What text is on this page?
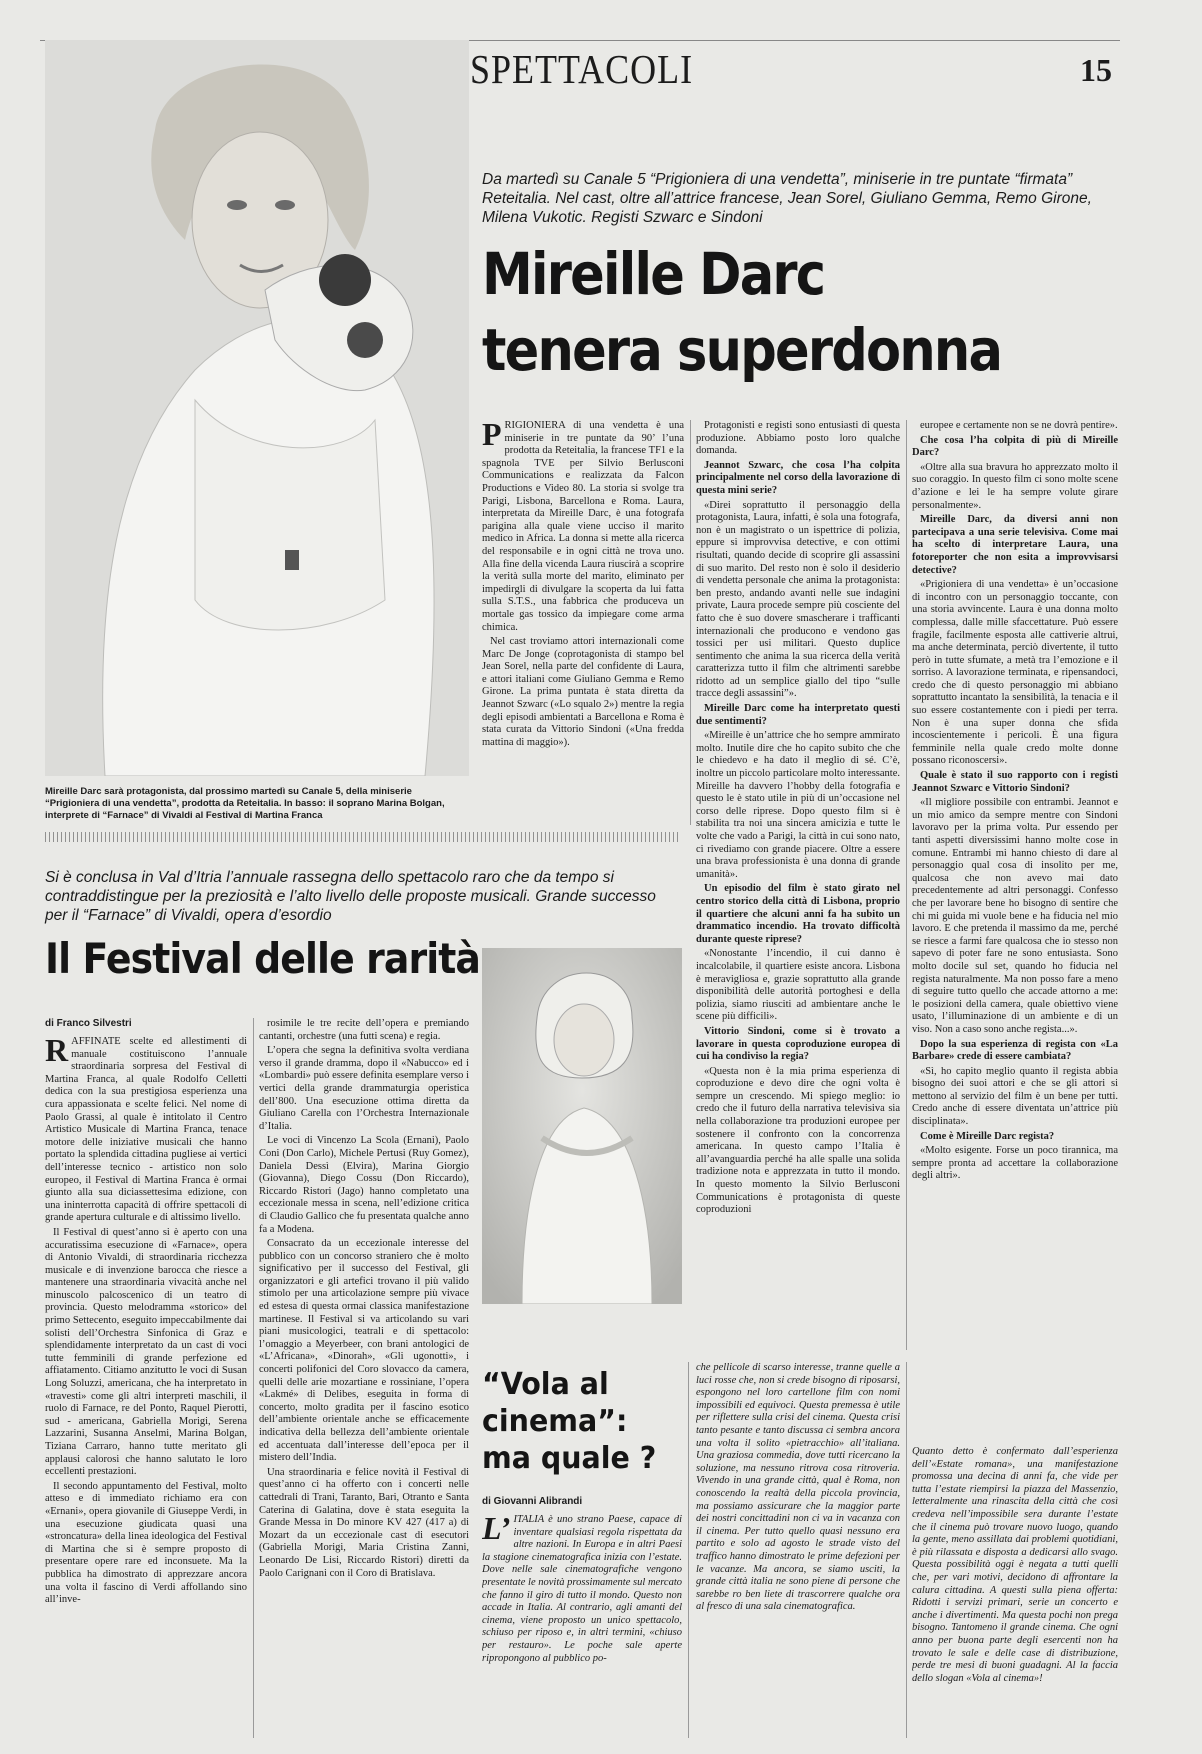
SPETTACOLI	15
Mireille Darc sarà protagonista, dal prossimo martedì su Canale 5, della miniserie “Prigioniera di una vendetta”, prodotta da Reteitalia. In basso: il soprano Marina Bolgan, interprete di “Farnace” di Vivaldi al Festival di Martina Franca
Da martedì su Canale 5 “Prigioniera di una vendetta”, miniserie in tre puntate “firmata” Reteitalia. Nel cast, oltre all’attrice francese, Jean Sorel, Giuliano Gemma, Remo Girone, Milena Vukotic. Registi Szwarc e Sindoni
Mireille Darc
tenera superdonna

PRIGIONIERA di una vendetta è una miniserie in tre puntate da 90’ l’una prodotta da Reteitalia, la francese TF1 e la spagnola TVE per Silvio Berlusconi Communications e realizzata da Falcon Productions e Video 80. La storia si svolge tra Parigi, Lisbona, Barcellona e Roma. Laura, interpretata da Mireille Darc, è una fotografa parigina alla quale viene ucciso il marito medico in Africa. La donna si mette alla ricerca del responsabile e in ogni città ne trova uno. Alla fine della vicenda Laura riuscirà a scoprire la verità sulla morte del marito, eliminato per impedirgli di divulgare la scoperta da lui fatta sulla S.T.S., una fabbrica che produceva un mortale gas tossico da impiegare come arma chimica.

Nel cast troviamo attori internazionali come Marc De Jonge (coprotagonista di stampo bel Jean Sorel, nella parte del confidente di Laura, e attori italiani come Giuliano Gemma e Remo Girone. La prima puntata è stata diretta da Jeannot Szwarc («Lo squalo 2») mentre la regia degli episodi ambientati a Barcellona e Roma è stata curata da Vittorio Sindoni («Una fredda mattina di maggio»).

Protagonisti e registi sono entusiasti di questa produzione. Abbiamo posto loro qualche domanda.

Jeannot Szwarc, che cosa l’ha colpita principalmente nel corso della lavorazione di questa mini serie?

«Direi soprattutto il personaggio della protagonista, Laura, infatti, è sola una fotografa, non è un magistrato o un ispettrice di polizia, eppure si improvvisa detective, e con ottimi risultati, quando decide di scoprire gli assassini di suo marito. Del resto non è solo il desiderio di vendetta personale che anima la protagonista: ben presto, andando avanti nelle sue indagini private, Laura procede sempre più cosciente del fatto che è suo dovere smascherare i trafficanti internazionali che producono e vendono gas tossici per usi militari. Questo duplice sentimento che anima la sua ricerca della verità caratterizza tutto il film che altrimenti sarebbe ridotto ad un semplice giallo del tipo “sulle tracce degli assassini”».

Mireille Darc come ha interpretato questi due sentimenti?

«Mireille è un’attrice che ho sempre ammirato molto. Inutile dire che ho capito subito che che le chiedevo e ha dato il meglio di sé. C’è, inoltre un piccolo particolare molto interessante. Mireille ha davvero l’hobby della fotografia e questo le è stato utile in più di un’occasione nel corso delle riprese. Dopo questo film si è stabilita tra noi una sincera amicizia e tutte le volte che vado a Parigi, la città in cui sono nato, ci rivediamo con grande piacere. Oltre a essere una brava professionista è una donna di grande umanità».

Un episodio del film è stato girato nel centro storico della città di Lisbona, proprio il quartiere che alcuni anni fa ha subito un drammatico incendio. Ha trovato difficoltà durante queste riprese?

«Nonostante l’incendio, il cui danno è incalcolabile, il quartiere esiste ancora. Lisbona è meravigliosa e, grazie soprattutto alla grande disponibilità delle autorità portoghesi e della polizia, siamo riusciti ad ambientare anche le scene più difficili».

Vittorio Sindoni, come si è trovato a lavorare in questa coproduzione europea di cui ha condiviso la regia?

«Questa non è la mia prima esperienza di coproduzione e devo dire che ogni volta è sempre un crescendo. Mi spiego meglio: io credo che il futuro della narrativa televisiva sia nella collaborazione tra produzioni europee per sostenere il confronto con la concorrenza americana. In questo campo l’Italia è all’avanguardia perché ha alle spalle una solida tradizione nota e apprezzata in tutto il mondo. In questo momento la Silvio Berlusconi Communications è protagonista di queste coproduzioni

europee e certamente non se ne dovrà pentire».

Che cosa l’ha colpita di più di Mireille Darc?

«Oltre alla sua bravura ho apprezzato molto il suo coraggio. In questo film ci sono molte scene d’azione e lei le ha sempre volute girare personalmente».

Mireille Darc, da diversi anni non partecipava a una serie televisiva. Come mai ha scelto di interpretare Laura, una fotoreporter che non esita a improvvisarsi detective?

«Prigioniera di una vendetta» è un’occasione di incontro con un personaggio toccante, con una storia avvincente. Laura è una donna molto complessa, dalle mille sfaccettature. Può essere fragile, facilmente esposta alle cattiverie altrui, ma anche determinata, perciò divertente, il tutto però in tutte sfumate, a metà tra l’emozione e il sorriso. A lavorazione terminata, e ripensandoci, credo che di questo personaggio mi abbiano soprattutto incantato la sensibilità, la tenacia e il suo essere costantemente con i piedi per terra. Non è una super donna che sfida incoscientemente i pericoli. È una figura femminile nella quale credo molte donne possano riconoscersi».

Quale è stato il suo rapporto con i registi Jeannot Szwarc e Vittorio Sindoni?

«Il migliore possibile con entrambi. Jeannot e un mio amico da sempre mentre con Sindoni lavoravo per la prima volta. Pur essendo per tanti aspetti diversissimi hanno molte cose in comune. Entrambi mi hanno chiesto di dare al personaggio qual cosa di insolito per me, qualcosa che non avevo mai dato precedentemente ad altri personaggi. Confesso che per lavorare bene ho bisogno di sentire che chi mi guida mi vuole bene e ha fiducia nel mio lavoro. E che pretenda il massimo da me, perché se riesce a farmi fare qualcosa che io stesso non sapevo di poter fare ne sono entusiasta. Sono molto docile sul set, quando ho fiducia nel regista naturalmente. Ma non posso fare a meno di seguire tutto quello che accade attorno a me: le posizioni della camera, quale obiettivo viene usato, l’illuminazione di un ambiente e di un viso. Non a caso sono anche regista...».

Dopo la sua esperienza di regista con «La Barbare» crede di essere cambiata?

«Sì, ho capito meglio quanto il regista abbia bisogno dei suoi attori e che se gli attori si mettono al servizio del film è un bene per tutti. Credo anche di essere diventata un’attrice più disciplinata».

Come è Mireille Darc regista?

«Molto esigente. Forse un poco tirannica, ma sempre pronta ad accettare la collaborazione degli altri».

Si è conclusa in Val d’Itria l’annuale rassegna dello spettacolo raro che da tempo si contraddistingue per la preziosità e l’alto livello delle proposte musicali. Grande successo per il “Farnace” di Vivaldi, opera d’esordio
Il Festival delle rarità
di Franco Silvestri

RAFFINATE scelte ed allestimenti di manuale costituiscono l’annuale straordinaria sorpresa del Festival di Martina Franca, al quale Rodolfo Celletti dedica con la sua prestigiosa esperienza una cura appassionata e scelte felici. Nel nome di Paolo Grassi, al quale è intitolato il Centro Artistico Musicale di Martina Franca, tenace motore delle iniziative musicali che hanno portato la splendida cittadina pugliese ai vertici dell’interesse tecnico - artistico non solo europeo, il Festival di Martina Franca è ormai giunto alla sua diciassettesima edizione, con una ininterrotta capacità di offrire spettacoli di grande apertura culturale e di altissimo livello.

Il Festival di quest’anno si è aperto con una accuratissima esecuzione di «Farnace», opera di Antonio Vivaldi, di straordinaria ricchezza musicale e di invenzione barocca che riesce a mantenere una straordinaria vivacità anche nel minuscolo palcoscenico di un teatro di provincia. Questo melodramma «storico» del primo Settecento, eseguito impeccabilmente dai solisti dell’Orchestra Sinfonica di Graz e splendidamente interpretato da un cast di voci tutte femminili di grande perfezione ed affiatamento. Citiamo anzitutto le voci di Susan Long Soluzzi, americana, che ha interpretato in «travesti» come gli altri interpreti maschili, il ruolo di Farnace, re del Ponto, Raquel Pierotti, sud - americana, Gabriella Morigi, Serena Lazzarini, Susanna Anselmi, Marina Bolgan, Tiziana Carraro, hanno tutte meritato gli applausi calorosi che hanno salutato le loro eccellenti prestazioni.

Il secondo appuntamento del Festival, molto atteso e di immediato richiamo era con «Ernani», opera giovanile di Giuseppe Verdi, in una esecuzione giudicata quasi una «stroncatura» della linea ideologica del Festival di Martina che si è sempre proposto di presentare opere rare ed inconsuete. Ma la pubblica ha dimostrato di apprezzare ancora una volta il fascino di Verdi affollando sino all’inve-

rosimile le tre recite dell’opera e premiando cantanti, orchestre (una futti scena) e regia.

L’opera che segna la definitiva svolta verdiana verso il grande dramma, dopo il «Nabucco» ed i «Lombardi» può essere definita esemplare verso i vertici della grande drammaturgia operistica dell’800. Una esecuzione ottima diretta da Giuliano Carella con l’Orchestra Internazionale d’Italia.

Le voci di Vincenzo La Scola (Ernani), Paolo Coni (Don Carlo), Michele Pertusi (Ruy Gomez), Daniela Dessì (Elvira), Marina Giorgio (Giovanna), Diego Cossu (Don Riccardo), Riccardo Ristori (Jago) hanno completato una eccezionale messa in scena, nell’edizione critica di Claudio Gallico che fu presentata qualche anno fa a Modena.

Consacrato da un eccezionale interesse del pubblico con un concorso straniero che è molto significativo per il successo del Festival, gli organizzatori e gli artefici trovano il più valido stimolo per una articolazione sempre più vivace ed estesa di questa ormai classica manifestazione martinese. Il Festival si va articolando su vari piani musicologici, teatrali e di spettacolo: l’omaggio a Meyerbeer, con brani antologici de «L’Africana», «Dinorah», «Gli ugonotti», i concerti polifonici del Coro slovacco da camera, quelli delle arie mozartiane e rossiniane, l’opera «Lakmé» di Delibes, eseguita in forma di concerto, molto gradita per il fascino esotico dell’ambiente orientale anche se efficacemente indicativa della bellezza dell’ambiente orientale ed accentuata dall’interesse dell’epoca per il mistero dell’India.

Una straordinaria e felice novità il Festival di quest’anno ci ha offerto con i concerti nelle cattedrali di Trani, Taranto, Bari, Otranto e Santa Caterina di Galatina, dove è stata eseguita la Grande Messa in Do minore KV 427 (417 a) di Mozart da un eccezionale cast di esecutori (Gabriella Morigi, Maria Cristina Zanni, Leonardo De Lisi, Riccardo Ristori) diretti da Paolo Carignani con il Coro di Bratislava.

“Vola al cinema”: ma quale ?
di Giovanni Alibrandi

L’ ITALIA è uno strano Paese, capace di inventare qualsiasi regola rispettata da altre nazioni. In Europa e in altri Paesi la stagione cinematografica inizia con l’estate. Dove nelle sale cinematografiche vengono presentate le novità prossimamente sul mercato che fanno il giro di tutto il mondo. Questo non accade in Italia. Al contrario, agli amanti del cinema, viene proposto un unico spettacolo, schiuso per riposo e, in altri termini, «chiuso per restauro». Le poche sale aperte ripropongono al pubblico po-

che pellicole di scarso interesse, tranne quelle a luci rosse che, non si crede bisogno di riposarsi, espongono nel loro cartellone film con nomi impossibili ed equivoci. Questa premessa è utile per riflettere sulla crisi del cinema. Questa crisi tanto pesante e tanto discussa ci sembra ancora una volta il solito «pietracchio» all’italiana. Una graziosa commedia, dove tutti ricercano la soluzione, ma nessuno ritrova cosa ritroveria. Vivendo in una grande città, qual è Roma, non conoscendo la realtà della piccola provincia, ma possiamo assicurare che la maggior parte dei nostri concittadini non ci va in vacanza con il cinema. Per tutto quello quasi nessuno era partito e solo ad agosto le strade visto del traffico hanno dimostrato le prime defezioni per le vacanze. Ma ancora, se siamo usciti, la grande città italia ne sono piene di persone che sarebbe ro ben liete di trascorrere qualche ora al fresco di una sala cinematografica.

Quanto detto è confermato dall’esperienza dell’«Estate romana», una manifestazione promossa una decina di anni fa, che vide per tutta l’estate riempirsi la piazza del Massenzio, letteralmente una rinascita della città che così credeva nell’impossibile sera durante l’estate che il cinema può trovare nuovo luogo, quando la gente, meno assillata dai problemi quotidiani, è più rilassata e disposta a dedicarsi allo svago. Questa possibilità oggi è negata a tutti quelli che, per vari motivi, decidono di affrontare la calura cittadina. A questi sulla piena offerta: Ridotti i servizi primari, serie un concerto e anche i divertimenti. Ma questa pochi non prega bisogno. Tantomeno il grande cinema. Che ogni anno per buona parte degli esercenti non ha trovato le sale e delle case di distribuzione, perde tre mesi di buoni guadagni. Al la faccia dello slogan «Vola al cinema»!
